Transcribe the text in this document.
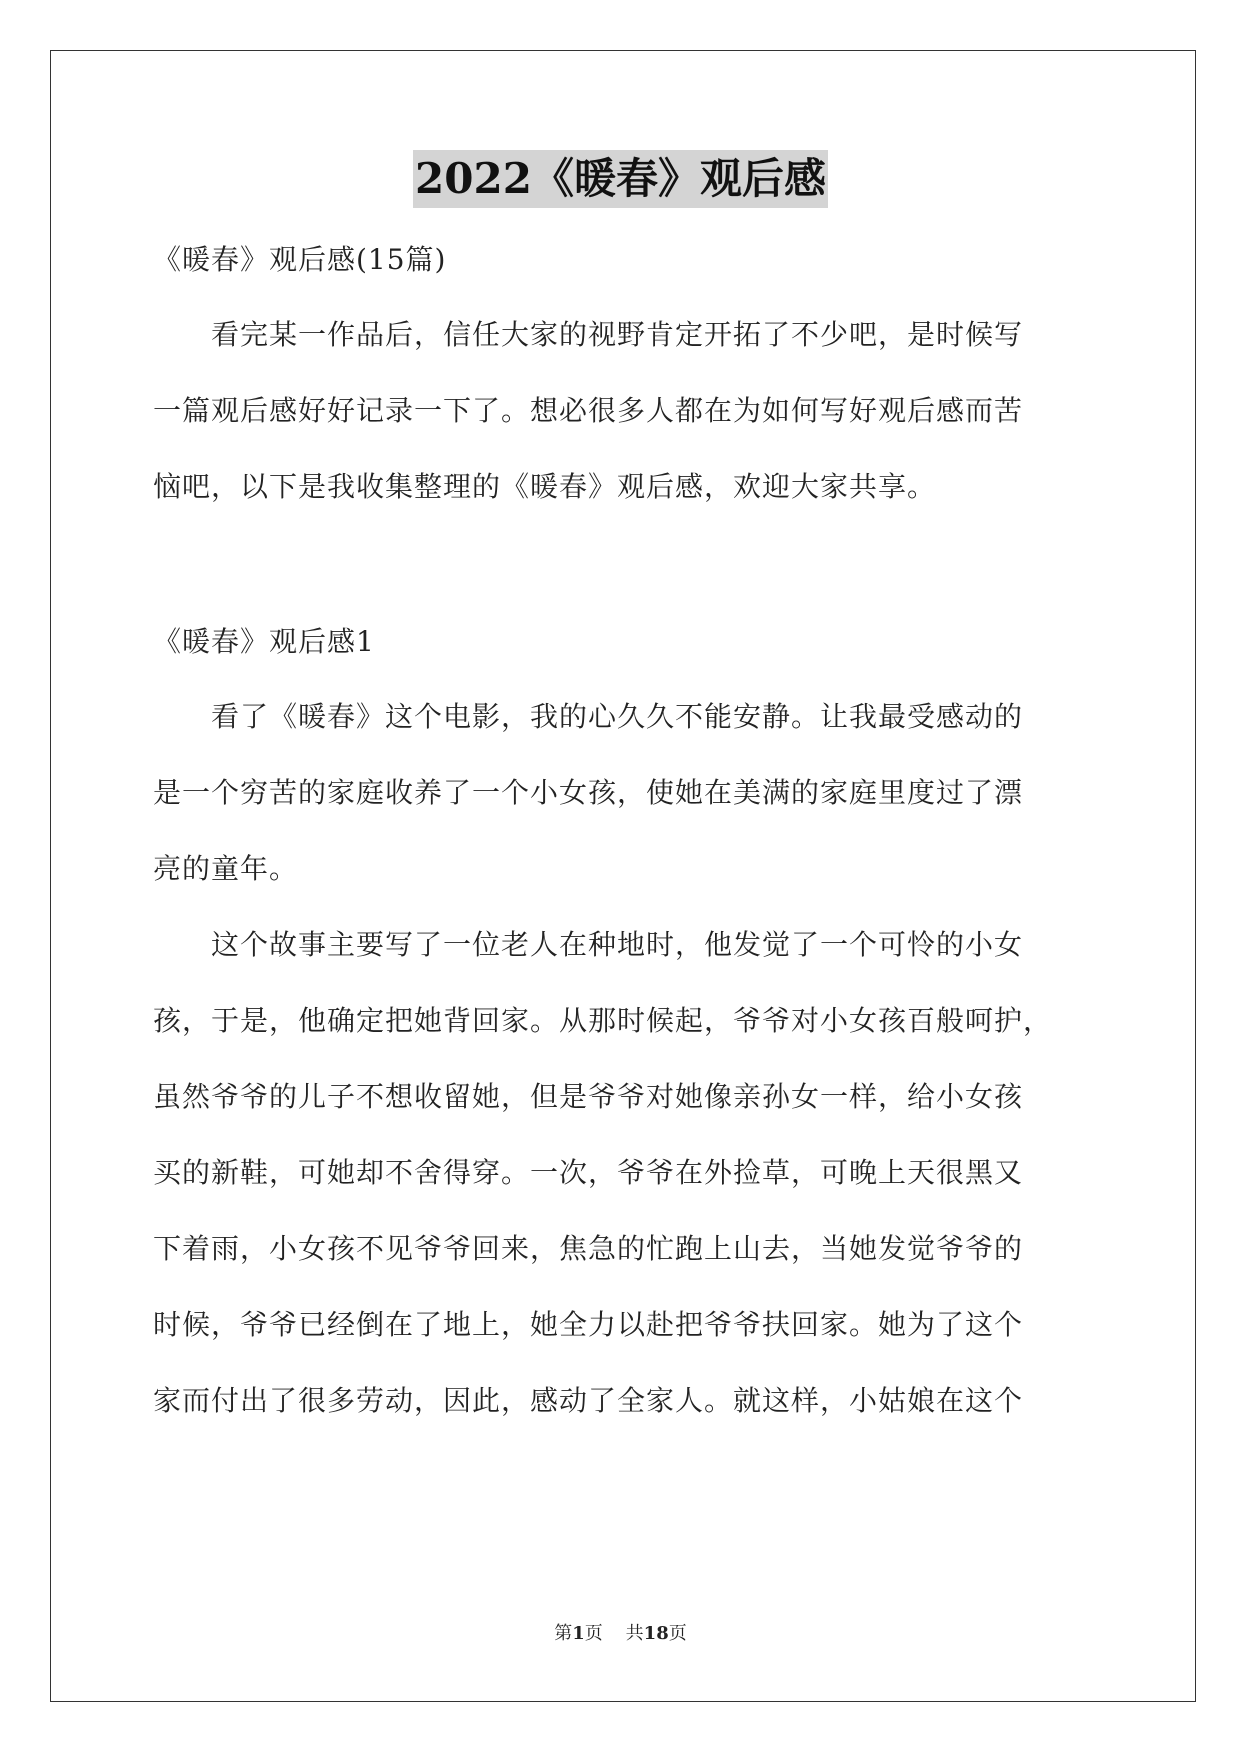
2022《暖春》观后感
《暖春》观后感(15篇)
看完某一作品后，信任大家的视野肯定开拓了不少吧，是时候写
一篇观后感好好记录一下了。想必很多人都在为如何写好观后感而苦
恼吧，以下是我收集整理的《暖春》观后感，欢迎大家共享。
《暖春》观后感1
看了《暖春》这个电影，我的心久久不能安静。让我最受感动的
是一个穷苦的家庭收养了一个小女孩，使她在美满的家庭里度过了漂
亮的童年。
这个故事主要写了一位老人在种地时，他发觉了一个可怜的小女
孩，于是，他确定把她背回家。从那时候起，爷爷对小女孩百般呵护，
虽然爷爷的儿子不想收留她，但是爷爷对她像亲孙女一样，给小女孩
买的新鞋，可她却不舍得穿。一次，爷爷在外捡草，可晚上天很黑又
下着雨，小女孩不见爷爷回来，焦急的忙跑上山去，当她发觉爷爷的
时候，爷爷已经倒在了地上，她全力以赴把爷爷扶回家。她为了这个
家而付出了很多劳动，因此，感动了全家人。就这样，小姑娘在这个
第1页 共18页
